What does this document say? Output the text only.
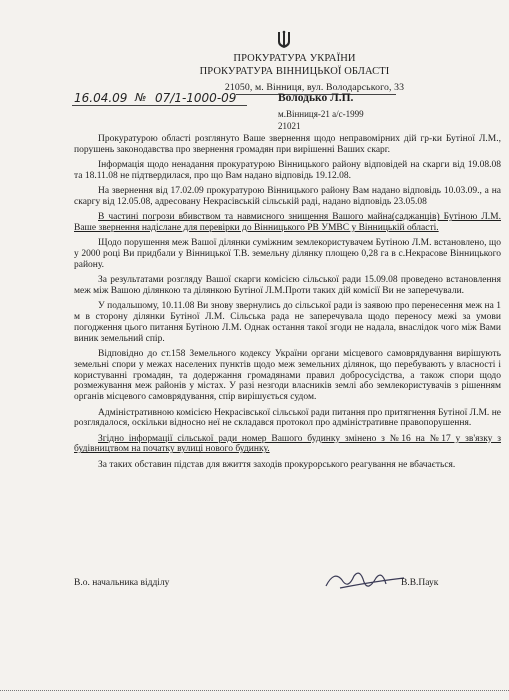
ПРОКУРАТУРА УКРАЇНИ
ПРОКУРАТУРА ВІННИЦЬКОЇ ОБЛАСТІ
21050, м. Вінниця, вул. Володарського, 33
16.04.09 № 07/1-1000-09	Володько Л.П.
м.Вінниця-21 а/с-1999
21021

Прокуратурою області розглянуто Ваше звернення щодо неправомірних дій гр-ки Бутіної Л.М., порушень законодавства про звернення громадян при вирішенні Ваших скарг.

Інформація щодо ненадання прокуратурою Вінницького району відповідей на скарги від 19.08.08 та 18.11.08 не підтвердилася, про що Вам надано відповідь 19.12.08.

На звернення від 17.02.09 прокуратурою Вінницького району Вам надано відповідь 10.03.09., а на скаргу від 12.05.08, адресовану Некрасівській сільській раді, надано відповідь 23.05.08

В частині погрози вбивством та навмисного знищення Вашого майна(саджанців) Бутіною Л.М. Ваше звернення надіслане для перевірки до Вінницького РВ УМВС у Вінницькій області.

Щодо порушення меж Вашої ділянки суміжним землекористувачем Бутіною Л.М. встановлено, що у 2000 році Ви придбали у Вінницької Т.В. земельну ділянку площею 0,28 га в с.Некрасове Вінницького району.

За результатами розгляду Вашої скарги комісією сільської ради 15.09.08 проведено встановлення меж між Вашою ділянкою та ділянкою Бутіної Л.М.Проти таких дій комісії Ви не заперечували.

У подальшому, 10.11.08 Ви знову звернулись до сільської ради із заявою про перенесення меж на 1 м в сторону ділянки Бутіної Л.М. Сільська рада не заперечувала щодо переносу межі за умови погодження цього питання Бутіною Л.М. Однак остання такої згоди не надала, внаслідок чого між Вами виник земельний спір.

Відповідно до ст.158 Земельного кодексу України органи місцевого самоврядування вирішують земельні спори у межах населених пунктів щодо меж земельних ділянок, що перебувають у власності і користуванні громадян, та додержання громадянами правил добросусідства, а також спори щодо розмежування меж районів у містах. У разі незгоди власників землі або землекористувачів з рішенням органів місцевого самоврядування, спір вирішується судом.

Адміністративною комісією Некрасівської сільської ради питання про притягнення Бутіної Л.М. не розглядалося, оскільки відносно неї не складався протокол про адміністративне правопорушення.

Згідно інформації сільської ради номер Вашого будинку змінено з №16 на №17 у зв'язку з будівництвом на початку вулиці нового будинку.

За таких обставин підстав для вжиття заходів прокурорського реагування не вбачається.

В.о. начальника відділу	В.В.Паук
